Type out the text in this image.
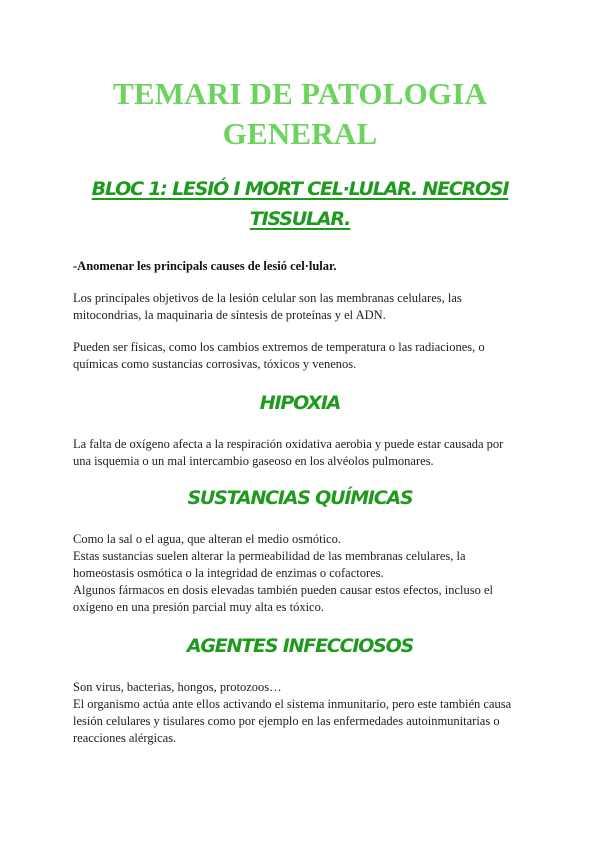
TEMARI DE PATOLOGIA
GENERAL
BLOC 1: LESIÓ I MORT CEL·LULAR. NECROSI
TISSULAR.

-Anomenar les principals causes de lesió cel·lular.

Los principales objetivos de la lesión celular son las membranas celulares, las
mitocondrias, la maquinaria de síntesis de proteínas y el ADN.

Pueden ser físicas, como los cambios extremos de temperatura o las radiaciones, o
químicas como sustancias corrosivas, tóxicos y venenos.

HIPOXIA

La falta de oxígeno afecta a la respiración oxidativa aerobia y puede estar causada por
una isquemia o un mal intercambio gaseoso en los alvéolos pulmonares.

SUSTANCIAS QUÍMICAS

Como la sal o el agua, que alteran el medio osmótico.
Estas sustancias suelen alterar la permeabilidad de las membranas celulares, la
homeostasis osmótica o la integridad de enzimas o cofactores.
Algunos fármacos en dosis elevadas también pueden causar estos efectos, incluso el
oxígeno en una presión parcial muy alta es tóxico.

AGENTES INFECCIOSOS

Son virus, bacterias, hongos, protozoos…
El organismo actúa ante ellos activando el sistema inmunitario, pero este también causa
lesión celulares y tisulares como por ejemplo en las enfermedades autoinmunitarias o
reacciones alérgicas.
